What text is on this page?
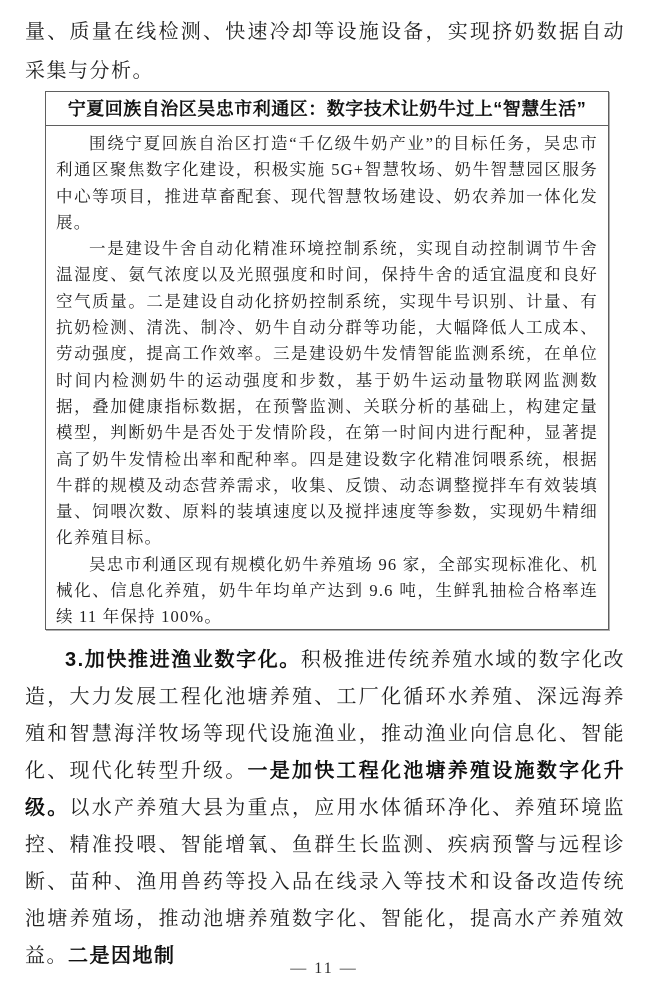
量、质量在线检测、快速冷却等设施设备，实现挤奶数据自动采集与分析。

宁夏回族自治区吴忠市利通区：数字技术让奶牛过上“智慧生活”

围绕宁夏回族自治区打造“千亿级牛奶产业”的目标任务，吴忠市利通区聚焦数字化建设，积极实施 5G+智慧牧场、奶牛智慧园区服务中心等项目，推进草畜配套、现代智慧牧场建设、奶农养加一体化发展。

一是建设牛舍自动化精准环境控制系统，实现自动控制调节牛舍温湿度、氨气浓度以及光照强度和时间，保持牛舍的适宜温度和良好空气质量。二是建设自动化挤奶控制系统，实现牛号识别、计量、有抗奶检测、清洗、制冷、奶牛自动分群等功能，大幅降低人工成本、劳动强度，提高工作效率。三是建设奶牛发情智能监测系统，在单位时间内检测奶牛的运动强度和步数，基于奶牛运动量物联网监测数据，叠加健康指标数据，在预警监测、关联分析的基础上，构建定量模型，判断奶牛是否处于发情阶段，在第一时间内进行配种，显著提高了奶牛发情检出率和配种率。四是建设数字化精准饲喂系统，根据牛群的规模及动态营养需求，收集、反馈、动态调整搅拌车有效装填量、饲喂次数、原料的装填速度以及搅拌速度等参数，实现奶牛精细化养殖目标。

吴忠市利通区现有规模化奶牛养殖场 96 家，全部实现标准化、机械化、信息化养殖，奶牛年均单产达到 9.6 吨，生鲜乳抽检合格率连续 11 年保持 100%。

3.加快推进渔业数字化。积极推进传统养殖水域的数字化改造，大力发展工程化池塘养殖、工厂化循环水养殖、深远海养殖和智慧海洋牧场等现代设施渔业，推动渔业向信息化、智能化、现代化转型升级。一是加快工程化池塘养殖设施数字化升级。以水产养殖大县为重点，应用水体循环净化、养殖环境监控、精准投喂、智能增氧、鱼群生长监测、疾病预警与远程诊断、苗种、渔用兽药等投入品在线录入等技术和设备改造传统池塘养殖场，推动池塘养殖数字化、智能化，提高水产养殖效益。二是因地制

— 11 —
